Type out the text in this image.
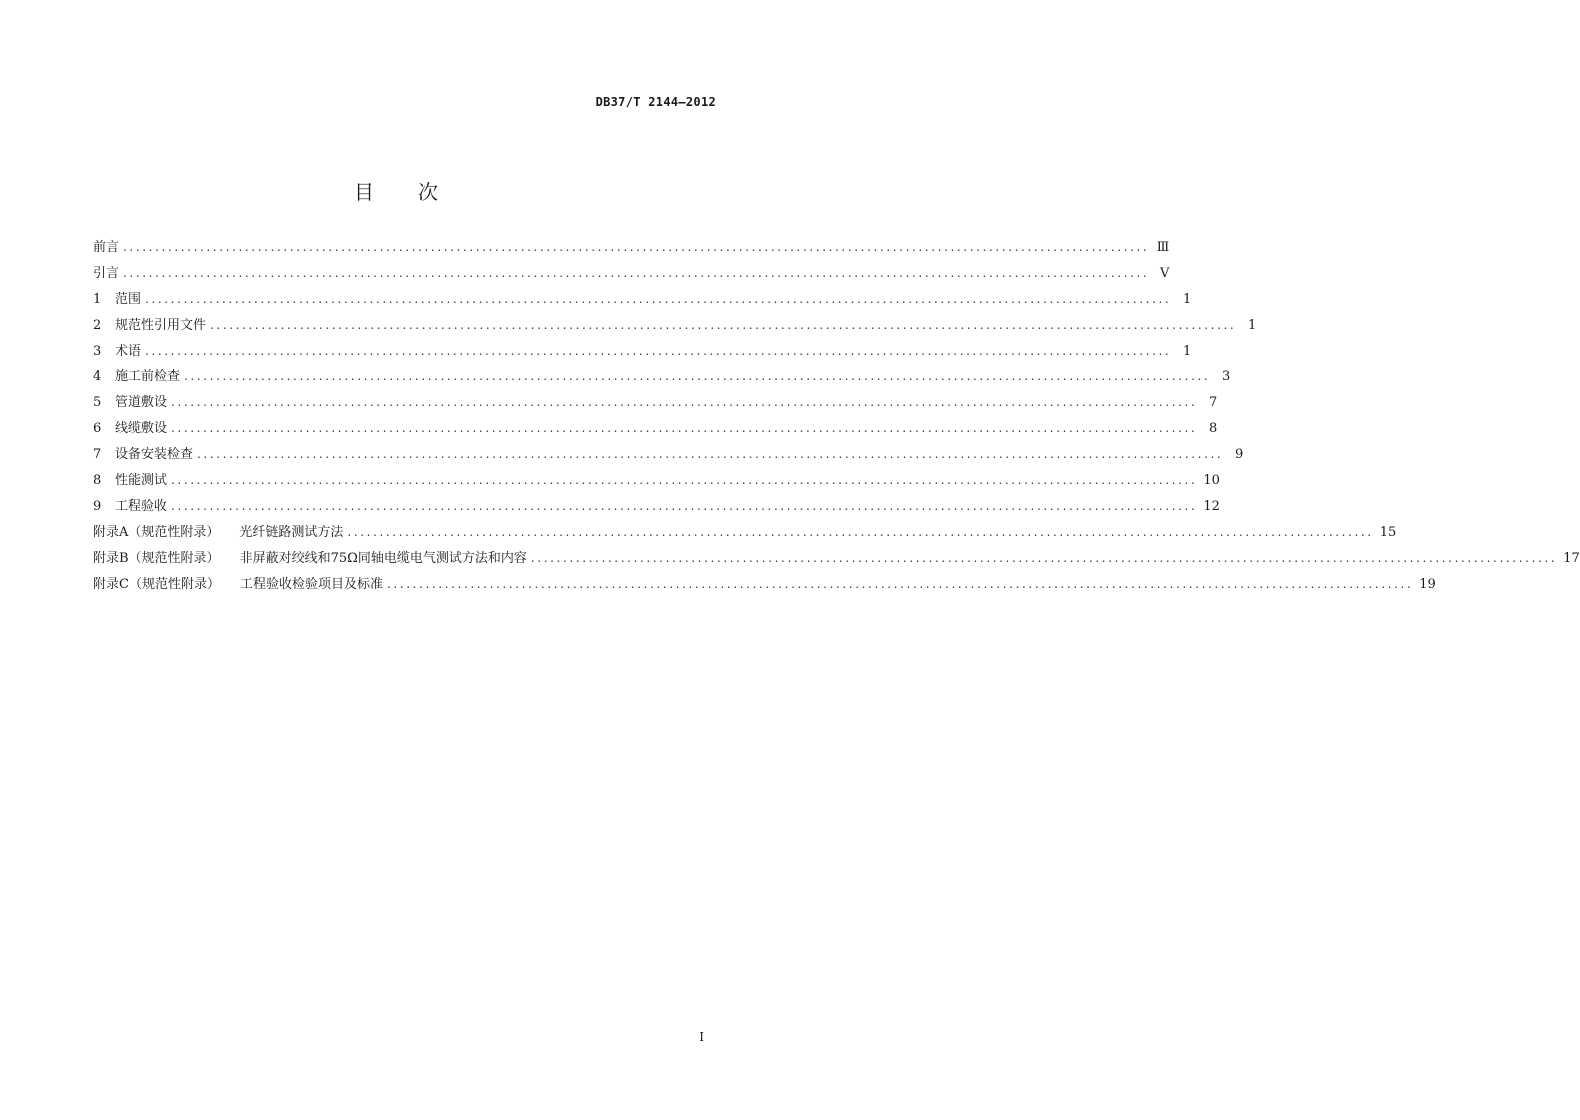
DB37/T 2144—2012
目 次
前言 ................................................................................................................................................................ Ⅲ
引言 ................................................................................................................................................................ Ⅴ
1	范围 ................................................................................................................................................................ 1
2	规范性引用文件 ................................................................................................................................................................ 1
3	术语 ................................................................................................................................................................ 1
4	施工前检查 ................................................................................................................................................................ 3
5	管道敷设 ................................................................................................................................................................ 7
6	线缆敷设 ................................................................................................................................................................ 8
7	设备安装检查 ................................................................................................................................................................ 9
8	性能测试 ................................................................................................................................................................ 10
9	工程验收 ................................................................................................................................................................ 12
附录A（规范性附录） 光纤链路测试方法 ................................................................................................................................................................ 15
附录B（规范性附录） 非屏蔽对绞线和75Ω同轴电缆电气测试方法和内容 ................................................................................................................................................................ 17
附录C（规范性附录） 工程验收检验项目及标准 ................................................................................................................................................................ 19
I
